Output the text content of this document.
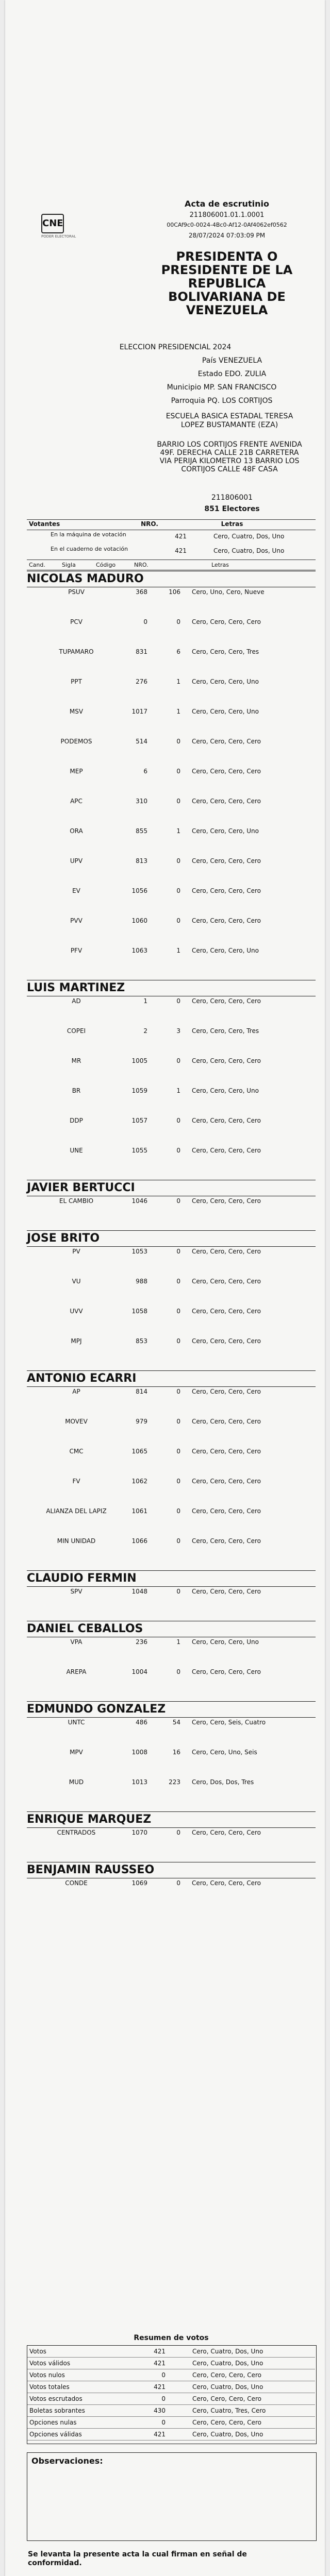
CNE
PODER ELECTORAL
Acta de escrutinio
211806001.01.1.0001
00CAf9c0-0024-4Bc0-Af12-0Af4062ef0562
28/07/2024 07:03:09 PM
PRESIDENTA O PRESIDENTE DE LA REPUBLICA BOLIVARIANA DE VENEZUELA
ELECCION PRESIDENCIAL 2024
País VENEZUELA
Estado EDO. ZULIA
Municipio MP. SAN FRANCISCO
Parroquia PQ. LOS CORTIJOS
ESCUELA BASICA ESTADAL TERESA LOPEZ BUSTAMANTE (EZA)
BARRIO LOS CORTIJOS FRENTE AVENIDA 49F. DERECHA CALLE 21B CARRETERA VIA PERIJA KILOMETRO 13 BARRIO LOS CORTIJOS CALLE 48F CASA
211806001
851 Electores
Votantes	NRO.	Letras
En la máquina de votación	421	Cero, Cuatro, Dos, Uno
En el cuaderno de votación	421	Cero, Cuatro, Dos, Uno
Cand.	Sigla	Código	NRO.	Letras
NICOLAS MADURO
PSUV	368	106 Cero, Uno, Cero, Nueve
PCV	0	0 Cero, Cero, Cero, Cero
TUPAMARO	831	6 Cero, Cero, Cero, Tres
PPT	276	1 Cero, Cero, Cero, Uno
MSV	1017	1 Cero, Cero, Cero, Uno
PODEMOS	514	0 Cero, Cero, Cero, Cero
MEP	6	0 Cero, Cero, Cero, Cero
APC	310	0 Cero, Cero, Cero, Cero
ORA	855	1 Cero, Cero, Cero, Uno
UPV	813	0 Cero, Cero, Cero, Cero
EV	1056	0 Cero, Cero, Cero, Cero
PVV	1060	0 Cero, Cero, Cero, Cero
PFV	1063	1 Cero, Cero, Cero, Uno
LUIS MARTINEZ
AD	1	0 Cero, Cero, Cero, Cero
COPEI	2	3 Cero, Cero, Cero, Tres
MR	1005	0 Cero, Cero, Cero, Cero
BR	1059	1 Cero, Cero, Cero, Uno
DDP	1057	0 Cero, Cero, Cero, Cero
UNE	1055	0 Cero, Cero, Cero, Cero
JAVIER BERTUCCI
EL CAMBIO	1046	0 Cero, Cero, Cero, Cero
JOSE BRITO
PV	1053	0 Cero, Cero, Cero, Cero
VU	988	0 Cero, Cero, Cero, Cero
UVV	1058	0 Cero, Cero, Cero, Cero
MPJ	853	0 Cero, Cero, Cero, Cero
ANTONIO ECARRI
AP	814	0 Cero, Cero, Cero, Cero
MOVEV	979	0 Cero, Cero, Cero, Cero
CMC	1065	0 Cero, Cero, Cero, Cero
FV	1062	0 Cero, Cero, Cero, Cero
ALIANZA DEL LAPIZ	1061	0 Cero, Cero, Cero, Cero
MIN UNIDAD	1066	0 Cero, Cero, Cero, Cero
CLAUDIO FERMIN
SPV	1048	0 Cero, Cero, Cero, Cero
DANIEL CEBALLOS
VPA	236	1 Cero, Cero, Cero, Uno
AREPA	1004	0 Cero, Cero, Cero, Cero
EDMUNDO GONZALEZ
UNTC	486	54 Cero, Cero, Seis, Cuatro
MPV	1008	16 Cero, Cero, Uno, Seis
MUD	1013	223 Cero, Dos, Dos, Tres
ENRIQUE MARQUEZ
CENTRADOS	1070	0 Cero, Cero, Cero, Cero
BENJAMIN RAUSSEO
CONDE	1069	0 Cero, Cero, Cero, Cero
Resumen de votos
Votos	421	Cero, Cuatro, Dos, Uno
Votos válidos	421	Cero, Cuatro, Dos, Uno
Votos nulos	0	Cero, Cero, Cero, Cero
Votos totales	421	Cero, Cuatro, Dos, Uno
Votos escrutados	0	Cero, Cero, Cero, Cero
Boletas sobrantes	430	Cero, Cuatro, Tres, Cero
Opciones nulas	0	Cero, Cero, Cero, Cero
Opciones válidas	421	Cero, Cuatro, Dos, Uno
Observaciones:
Se levanta la presente acta la cual firman en señal de conformidad.
